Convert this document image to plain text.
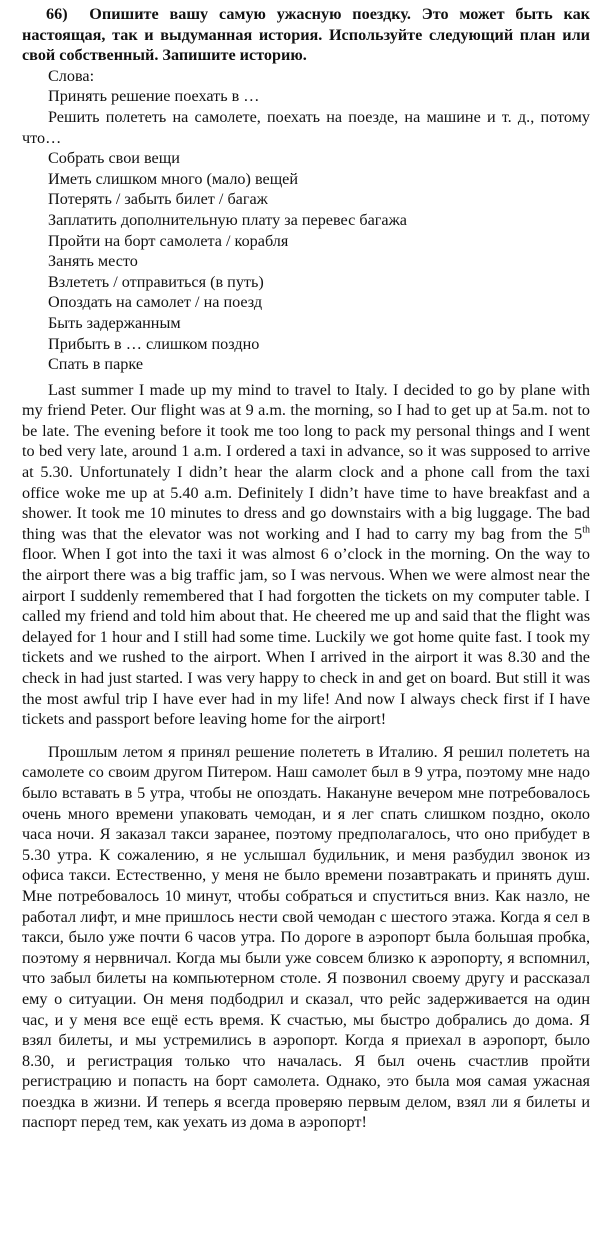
66) Опишите вашу самую ужасную поездку. Это может быть как настоящая, так и выдуманная история. Используйте следующий план или свой собственный. Запишите историю.

Слова:
Принять решение поехать в …
Решить полететь на самолете, поехать на поезде, на машине и т. д., потому что…
Собрать свои вещи
Иметь слишком много (мало) вещей
Потерять / забыть билет / багаж
Заплатить дополнительную плату за перевес багажа
Пройти на борт самолета / корабля
Занять место
Взлететь / отправиться (в путь)
Опоздать на самолет / на поезд
Быть задержанным
Прибыть в … слишком поздно
Спать в парке

Last summer I made up my mind to travel to Italy. I decided to go by plane with my friend Peter. Our flight was at 9 a.m. the morning, so I had to get up at 5a.m. not to be late. The evening before it took me too long to pack my personal things and I went to bed very late, around 1 a.m. I ordered a taxi in advance, so it was supposed to arrive at 5.30. Unfortunately I didn’t hear the alarm clock and a phone call from the taxi office woke me up at 5.40 a.m. Definitely I didn’t have time to have breakfast and a shower. It took me 10 minutes to dress and go downstairs with a big luggage. The bad thing was that the elevator was not working and I had to carry my bag from the 5th floor. When I got into the taxi it was almost 6 o’clock in the morning. On the way to the airport there was a big traffic jam, so I was nervous. When we were almost near the airport I suddenly remembered that I had forgotten the tickets on my computer table. I called my friend and told him about that. He cheered me up and said that the flight was delayed for 1 hour and I still had some time. Luckily we got home quite fast. I took my tickets and we rushed to the airport. When I arrived in the airport it was 8.30 and the check in had just started. I was very happy to check in and get on board. But still it was the most awful trip I have ever had in my life! And now I always check first if I have tickets and passport before leaving home for the airport!

Прошлым летом я принял решение полететь в Италию. Я решил полететь на самолете со своим другом Питером. Наш самолет был в 9 утра, поэтому мне надо было вставать в 5 утра, чтобы не опоздать. Накануне вечером мне потребовалось очень много времени упаковать чемодан, и я лег спать слишком поздно, около часа ночи. Я заказал такси заранее, поэтому предполагалось, что оно прибудет в 5.30 утра. К сожалению, я не услышал будильник, и меня разбудил звонок из офиса такси. Естественно, у меня не было времени позавтракать и принять душ. Мне потребовалось 10 минут, чтобы собраться и спуститься вниз. Как назло, не работал лифт, и мне пришлось нести свой чемодан с шестого этажа. Когда я сел в такси, было уже почти 6 часов утра. По дороге в аэропорт была большая пробка, поэтому я нервничал. Когда мы были уже совсем близко к аэропорту, я вспомнил, что забыл билеты на компьютерном столе. Я позвонил своему другу и рассказал ему о ситуации. Он меня подбодрил и сказал, что рейс задерживается на один час, и у меня все ещё есть время. К счастью, мы быстро добрались до дома. Я взял билеты, и мы устремились в аэропорт. Когда я приехал в аэропорт, было 8.30, и регистрация только что началась. Я был очень счастлив пройти регистрацию и попасть на борт самолета. Однако, это была моя самая ужасная поездка в жизни. И теперь я всегда проверяю первым делом, взял ли я билеты и паспорт перед тем, как уехать из дома в аэропорт!
